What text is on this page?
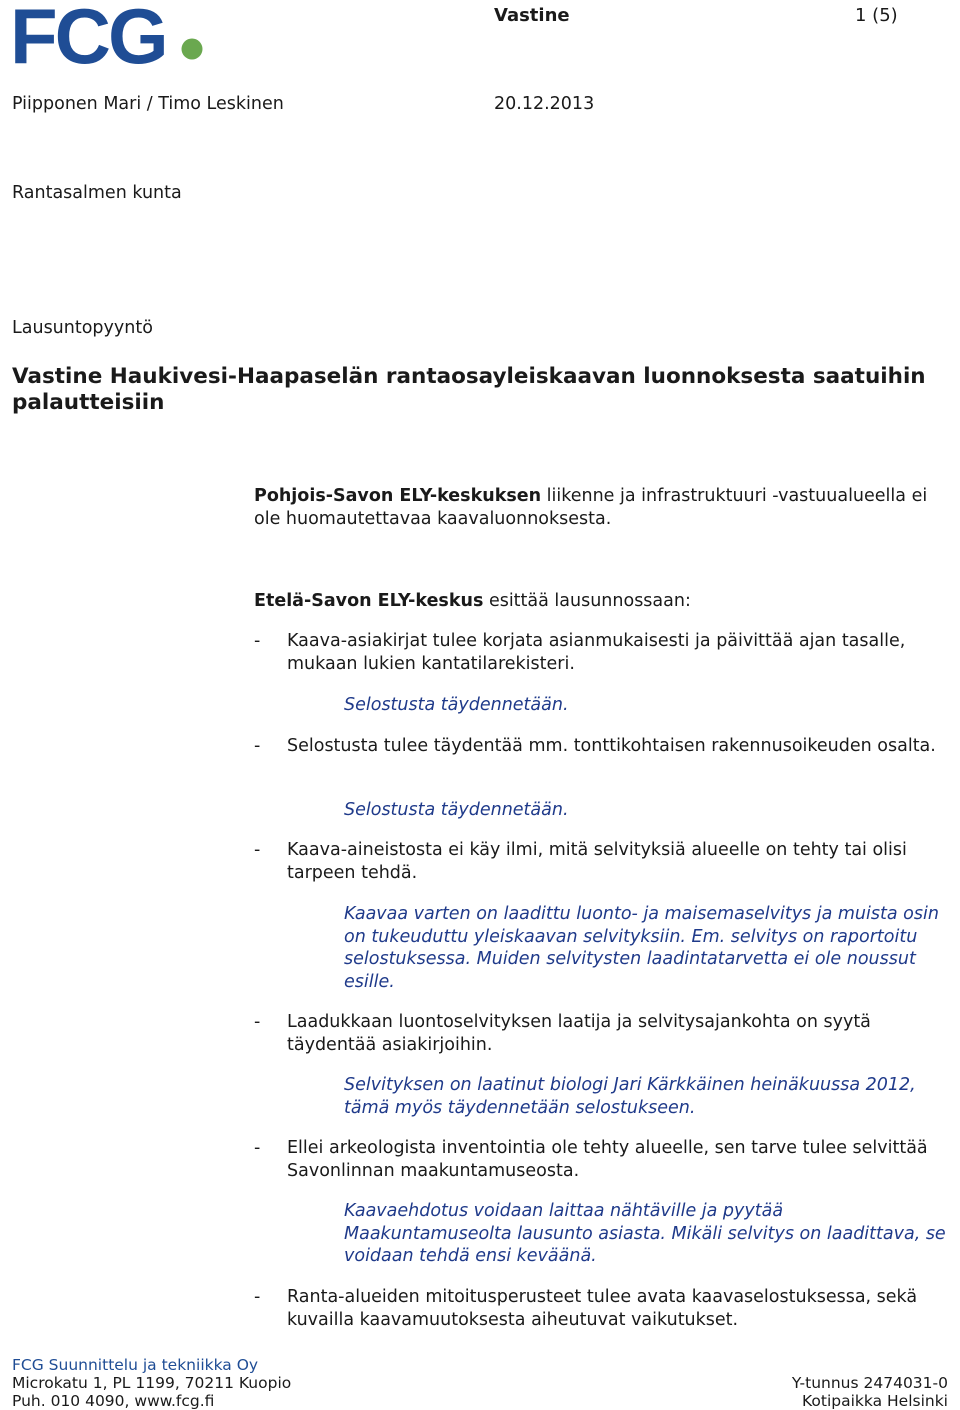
FCG	Vastine	1 (5)
Piipponen Mari / Timo Leskinen	20.12.2013
Rantasalmen kunta
Lausuntopyyntö
Vastine Haukivesi-Haapaselän rantaosayleiskaavan luonnoksesta saatuihin palautteisiin

Pohjois-Savon ELY-keskuksen liikenne ja infrastruktuuri -vastuualueella ei ole huomautettavaa kaavaluonnoksesta.

Etelä-Savon ELY-keskus esittää lausunnossaan:

- Kaava-asiakirjat tulee korjata asianmukaisesti ja päivittää ajan tasalle, mukaan lukien kantatilarekisteri.
Selostusta täydennetään.
- Selostusta tulee täydentää mm. tonttikohtaisen rakennusoikeuden osalta.
Selostusta täydennetään.
- Kaava-aineistosta ei käy ilmi, mitä selvityksiä alueelle on tehty tai olisi tarpeen tehdä.
Kaavaa varten on laadittu luonto- ja maisemaselvitys ja muista osin on tukeuduttu yleiskaavan selvityksiin. Em. selvitys on raportoitu selostuksessa. Muiden selvitysten laadintatarvetta ei ole noussut esille.
- Laadukkaan luontoselvityksen laatija ja selvitysajankohta on syytä täydentää asiakirjoihin.
Selvityksen on laatinut biologi Jari Kärkkäinen heinäkuussa 2012, tämä myös täydennetään selostukseen.
- Ellei arkeologista inventointia ole tehty alueelle, sen tarve tulee selvittää Savonlinnan maakuntamuseosta.
Kaavaehdotus voidaan laittaa nähtäville ja pyytää Maakuntamuseolta lausunto asiasta. Mikäli selvitys on laadittava, se voidaan tehdä ensi keväänä.
- Ranta-alueiden mitoitusperusteet tulee avata kaavaselostuksessa, sekä kuvailla kaavamuutoksesta aiheutuvat vaikutukset.
FCG Suunnittelu ja tekniikka Oy
Microkatu 1, PL 1199, 70211 Kuopio
Puh. 010 4090, www.fcg.fi

Y-tunnus 2474031-0
Kotipaikka Helsinki
